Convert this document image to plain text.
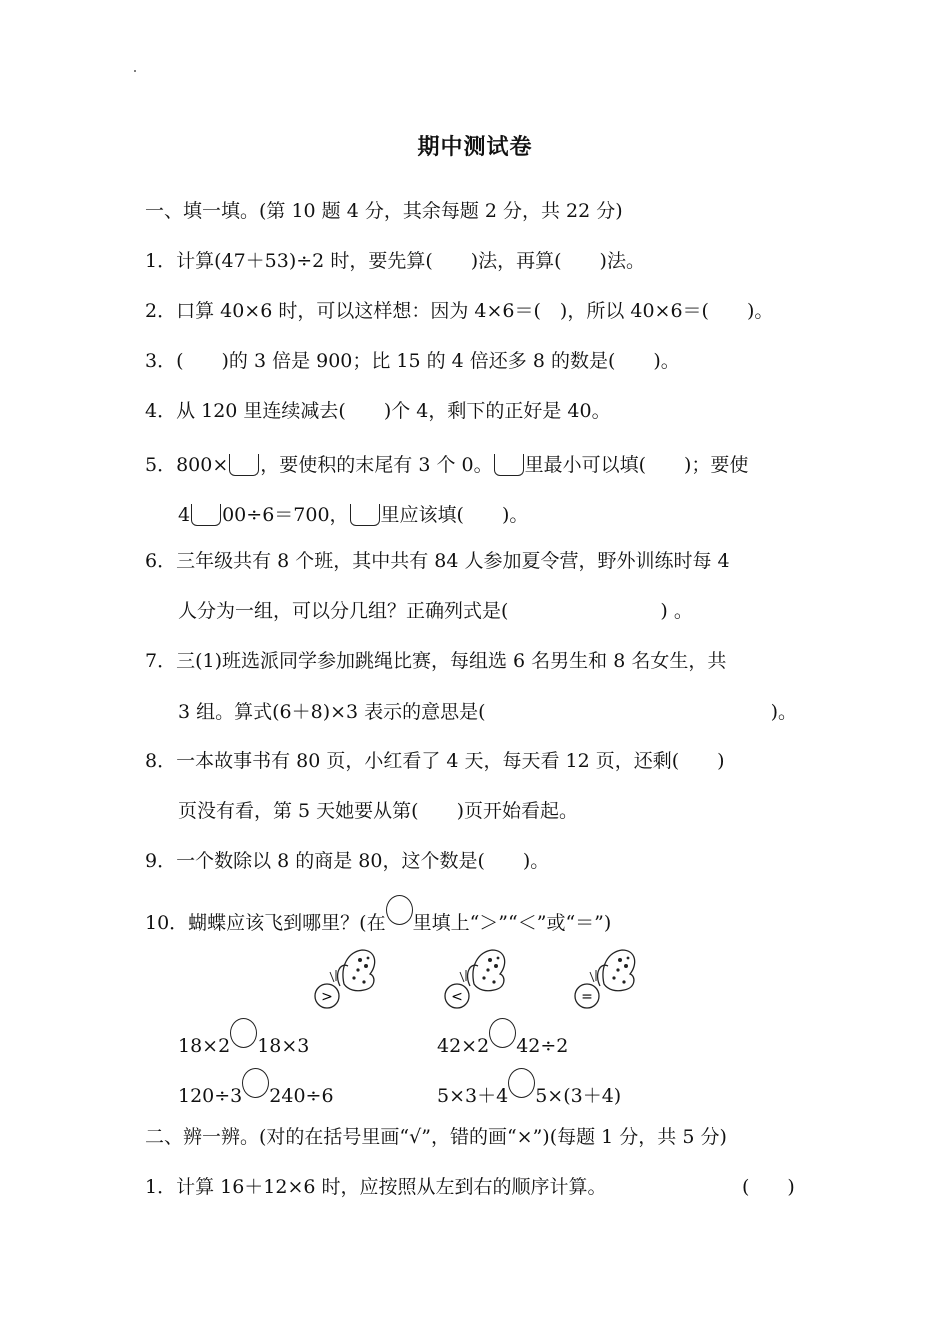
期中测试卷
一、填一填。(第 10 题 4 分，其余每题 2 分，共 22 分)
1．计算(47＋53)÷2 时，要先算(　　)法，再算(　　)法。
2．口算 40×6 时，可以这样想：因为 4×6＝(　)，所以 40×6＝(　　)。
3．(　　)的 3 倍是 900；比 15 的 4 倍还多 8 的数是(　　)。
4．从 120 里连续减去(　　)个 4，剩下的正好是 40。
5．800× ，要使积的末尾有 3 个 0。 里最小可以填(　　)；要使
4 00÷6＝700， 里应该填(　　)。
6．三年级共有 8 个班，其中共有 84 人参加夏令营，野外训练时每 4
人分为一组，可以分几组？正确列式是(　　　　　　　　) 。
7．三(1)班选派同学参加跳绳比赛，每组选 6 名男生和 8 名女生，共
3 组。算式(6＋8)×3 表示的意思是(　　　　　　　　　　　　　　　)。
8．一本故事书有 80 页，小红看了 4 天，每天看 12 页，还剩(　　)
页没有看，第 5 天她要从第(　　)页开始看起。
9．一个数除以 8 的商是 80，这个数是(　　)。
10．蝴蝶应该飞到哪里？(在 里填上“＞”“＜”或“＝”)
>	<	=
18×2 18×3	42×2 42÷2
120÷3 240÷6	5×3＋4 5×(3＋4)
二、辨一辨。(对的在括号里画“√”，错的画“×”)(每题 1 分，共 5 分)
1．计算 16＋12×6 时，应按照从左到右的顺序计算。	(　　)
